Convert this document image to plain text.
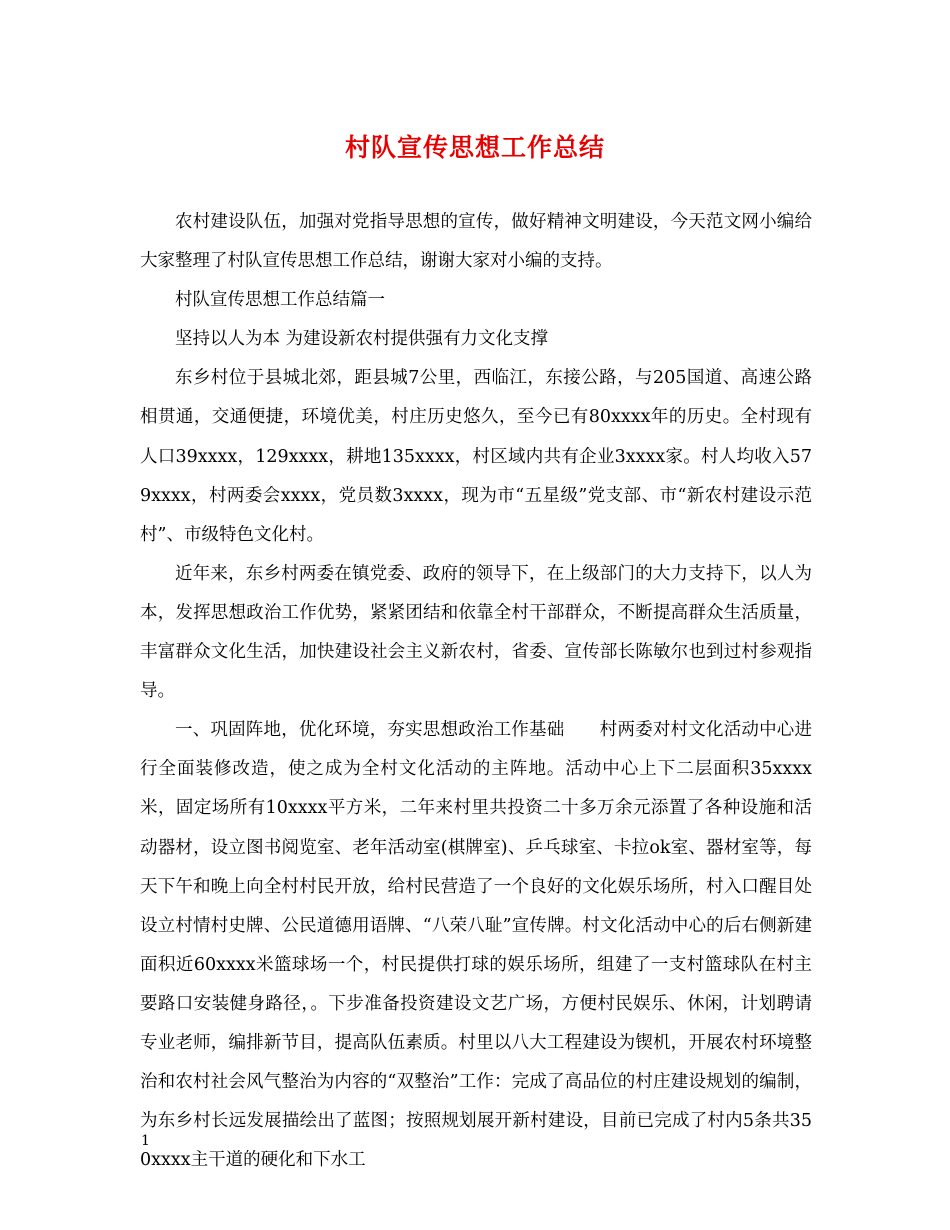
村队宣传思想工作总结

农村建设队伍，加强对党指导思想的宣传，做好精神文明建设，今天范文网小编给大家整理了村队宣传思想工作总结，谢谢大家对小编的支持。

村队宣传思想工作总结篇一

坚持以人为本 为建设新农村提供强有力文化支撑

东乡村位于县城北郊，距县城7公里，西临江，东接公路，与205国道、高速公路相贯通，交通便捷，环境优美，村庄历史悠久，至今已有80xxxx年的历史。全村现有人口39xxxx，129xxxx，耕地135xxxx，村区域内共有企业3xxxx家。村人均收入579xxxx，村两委会xxxx，党员数3xxxx，现为市“五星级”党支部、市“新农村建设示范村”、市级特色文化村。

近年来，东乡村两委在镇党委、政府的领导下，在上级部门的大力支持下，以人为本，发挥思想政治工作优势，紧紧团结和依靠全村干部群众，不断提高群众生活质量，丰富群众文化生活，加快建设社会主义新农村，省委、宣传部长陈敏尔也到过村参观指导。

一、巩固阵地，优化环境，夯实思想政治工作基础　　村两委对村文化活动中心进行全面装修改造，使之成为全村文化活动的主阵地。活动中心上下二层面积35xxxx米，固定场所有10xxxx平方米，二年来村里共投资二十多万余元添置了各种设施和活动器材，设立图书阅览室、老年活动室(棋牌室)、乒乓球室、卡拉ok室、器材室等，每天下午和晚上向全村村民开放，给村民营造了一个良好的文化娱乐场所，村入口醒目处设立村情村史牌、公民道德用语牌、“八荣八耻”宣传牌。村文化活动中心的后右侧新建面积近60xxxx米篮球场一个，村民提供打球的娱乐场所，组建了一支村篮球队在村主要路口安装健身路径，。下步准备投资建设文艺广场，方便村民娱乐、休闲，计划聘请专业老师，编排新节目，提高队伍素质。村里以八大工程建设为锲机，开展农村环境整治和农村社会风气整治为内容的“双整治”工作：完成了高品位的村庄建设规划的编制，为东乡村长远发展描绘出了蓝图；按照规划展开新村建设，目前已完成了村内5条共350xxxx主干道的硬化和下水工

1
